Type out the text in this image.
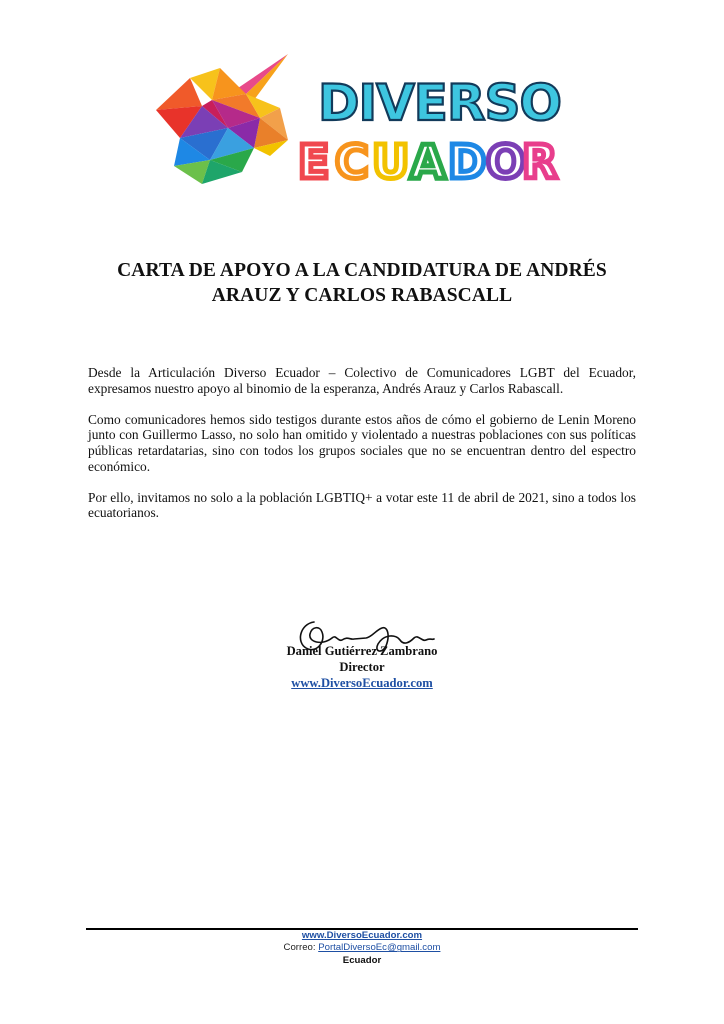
DIVERSO
E C U A D O
R
CARTA DE APOYO A LA CANDIDATURA DE ANDRÉS
ARAUZ Y CARLOS RABASCALL

Desde la Articulación Diverso Ecuador – Colectivo de Comunicadores LGBT del Ecuador, expresamos nuestro apoyo al binomio de la esperanza, Andrés Arauz y Carlos Rabascall.

Como comunicadores hemos sido testigos durante estos años de cómo el gobierno de Lenin Moreno junto con Guillermo Lasso, no solo han omitido y violentado a nuestras poblaciones con sus políticas públicas retardatarias, sino con todos los grupos sociales que no se encuentran dentro del espectro económico.

Por ello, invitamos no solo a la población LGBTIQ+ a votar este 11 de abril de 2021, sino a todos los ecuatorianos.

Daniel Gutiérrez Zambrano
Director
www.DiversoEcuador.com
www.DiversoEcuador.com
Correo: PortalDiversoEc@gmail.com
Ecuador
